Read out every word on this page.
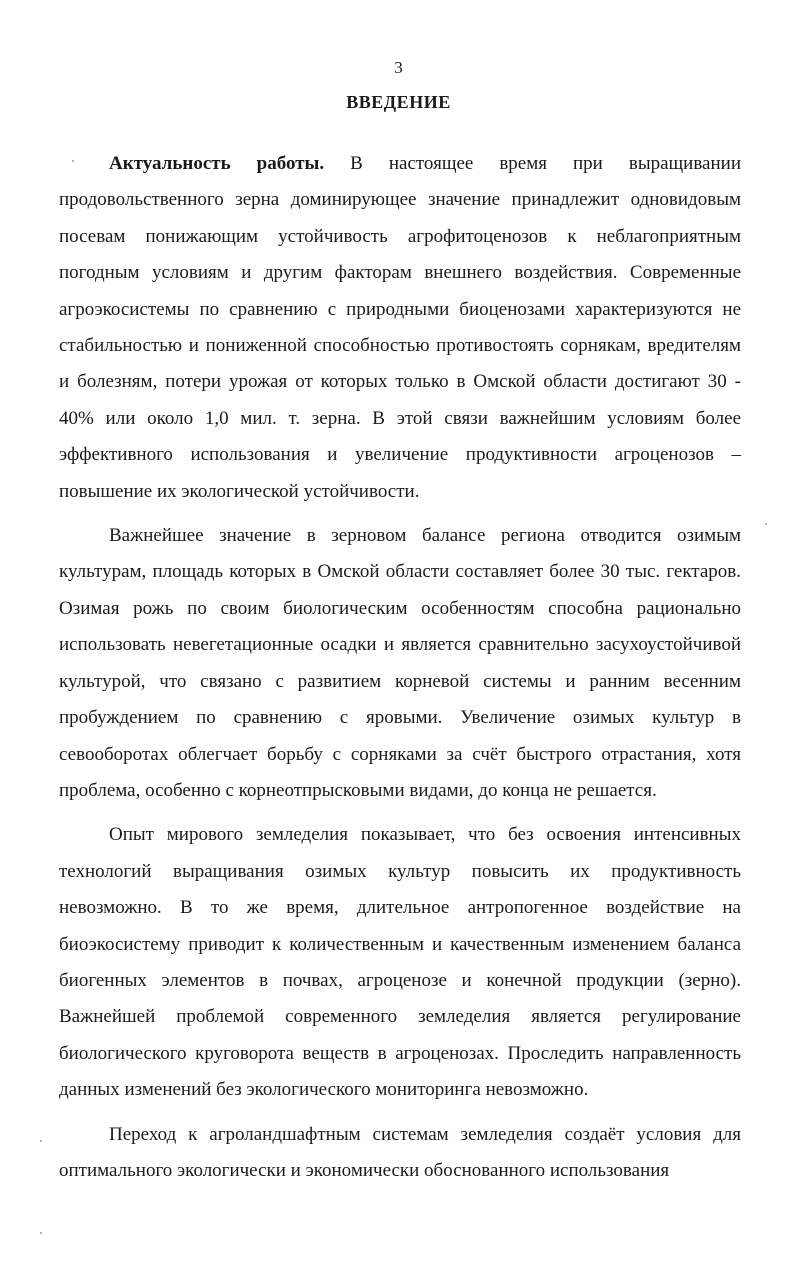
3
ВВЕДЕНИЕ

Актуальность работы. В настоящее время при выращивании продовольственного зерна доминирующее значение принадлежит одновидовым посевам понижающим устойчивость агрофитоценозов к неблагоприятным погодным условиям и другим факторам внешнего воздействия. Современные агроэкосистемы по сравнению с природными биоценозами характеризуются не стабильностью и пониженной способностью противостоять сорнякам, вредителям и болезням, потери урожая от которых только в Омской области достигают 30 - 40% или около 1,0 мил. т. зерна. В этой связи важнейшим условиям более эффективного использования и увеличение продуктивности агроценозов – повышение их экологической устойчивости.

Важнейшее значение в зерновом балансе региона отводится озимым культурам, площадь которых в Омской области составляет более 30 тыс. гектаров. Озимая рожь по своим биологическим особенностям способна рационально использовать невегетационные осадки и является сравнительно засухоустойчивой культурой, что связано с развитием корневой системы и ранним весенним пробуждением по сравнению с яровыми. Увеличение озимых культур в севооборотах облегчает борьбу с сорняками за счёт быстрого отрастания, хотя проблема, особенно с корнеотпрысковыми видами, до конца не решается.

Опыт мирового земледелия показывает, что без освоения интенсивных технологий выращивания озимых культур повысить их продуктивность невозможно. В то же время, длительное антропогенное воздействие на биоэкосистему приводит к количественным и качественным изменением баланса биогенных элементов в почвах, агроценозе и конечной продукции (зерно). Важнейшей проблемой современного земледелия является регулирование биологического круговорота веществ в агроценозах. Проследить направленность данных изменений без экологического мониторинга невозможно.

Переход к агроландшафтным системам земледелия создаёт условия для оптимального экологически и экономически обоснованного использования
